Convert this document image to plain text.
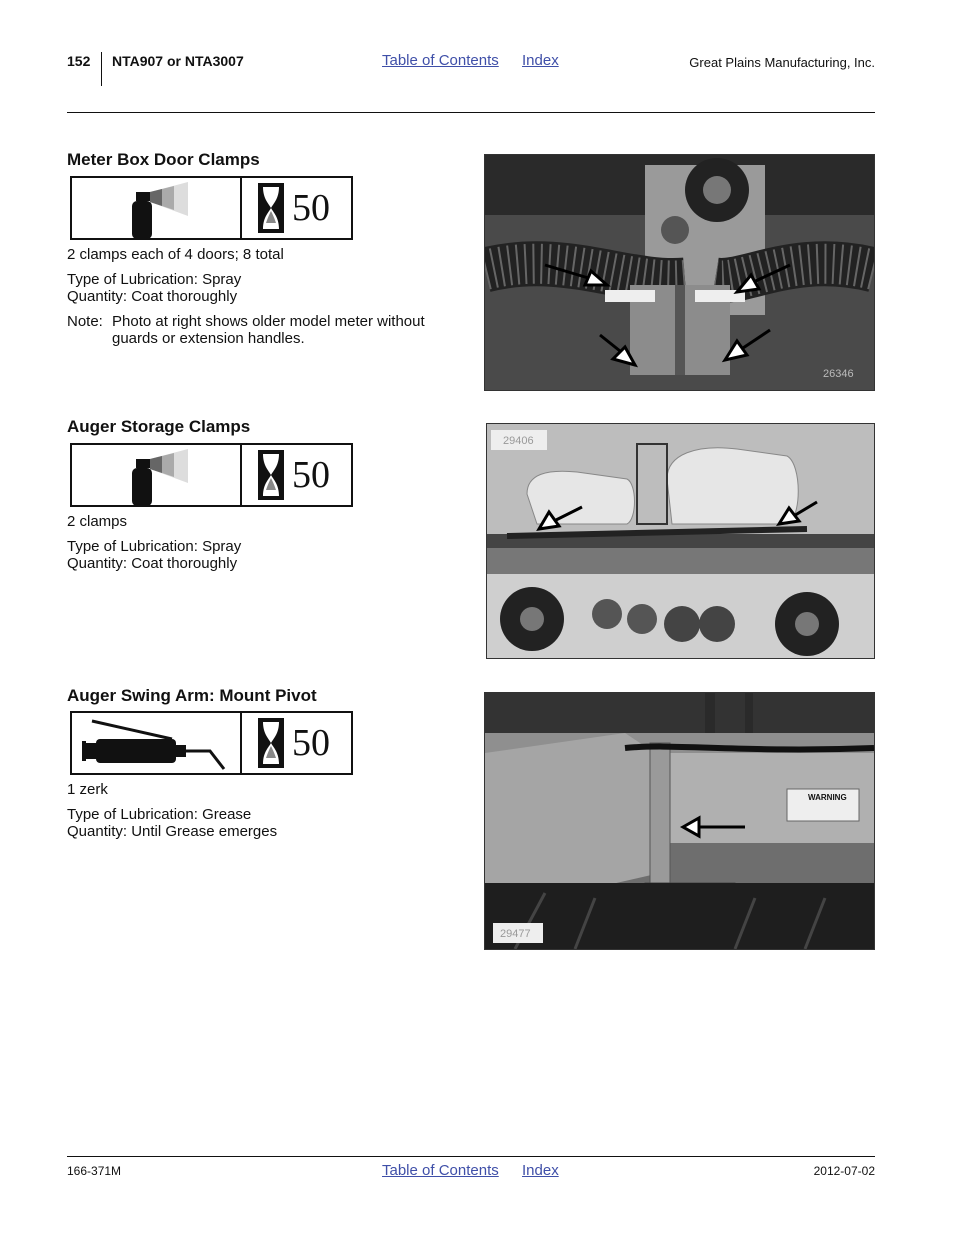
152 NTA907 or NTA3007	Table of Contents Index	Great Plains Manufacturing, Inc.
Meter Box Door Clamps
50
2 clamps each of 4 doors; 8 total
Type of Lubrication: Spray
Quantity: Coat thoroughly
Note: Photo at right shows older model meter without guards or extension handles.
26346
Auger Storage Clamps
50
2 clamps
Type of Lubrication: Spray
Quantity: Coat thoroughly
29406
Auger Swing Arm: Mount Pivot
50
1 zerk
Type of Lubrication: Grease
Quantity: Until Grease emerges
WARNING
29477
166-371M	Table of Contents Index	2012-07-02
